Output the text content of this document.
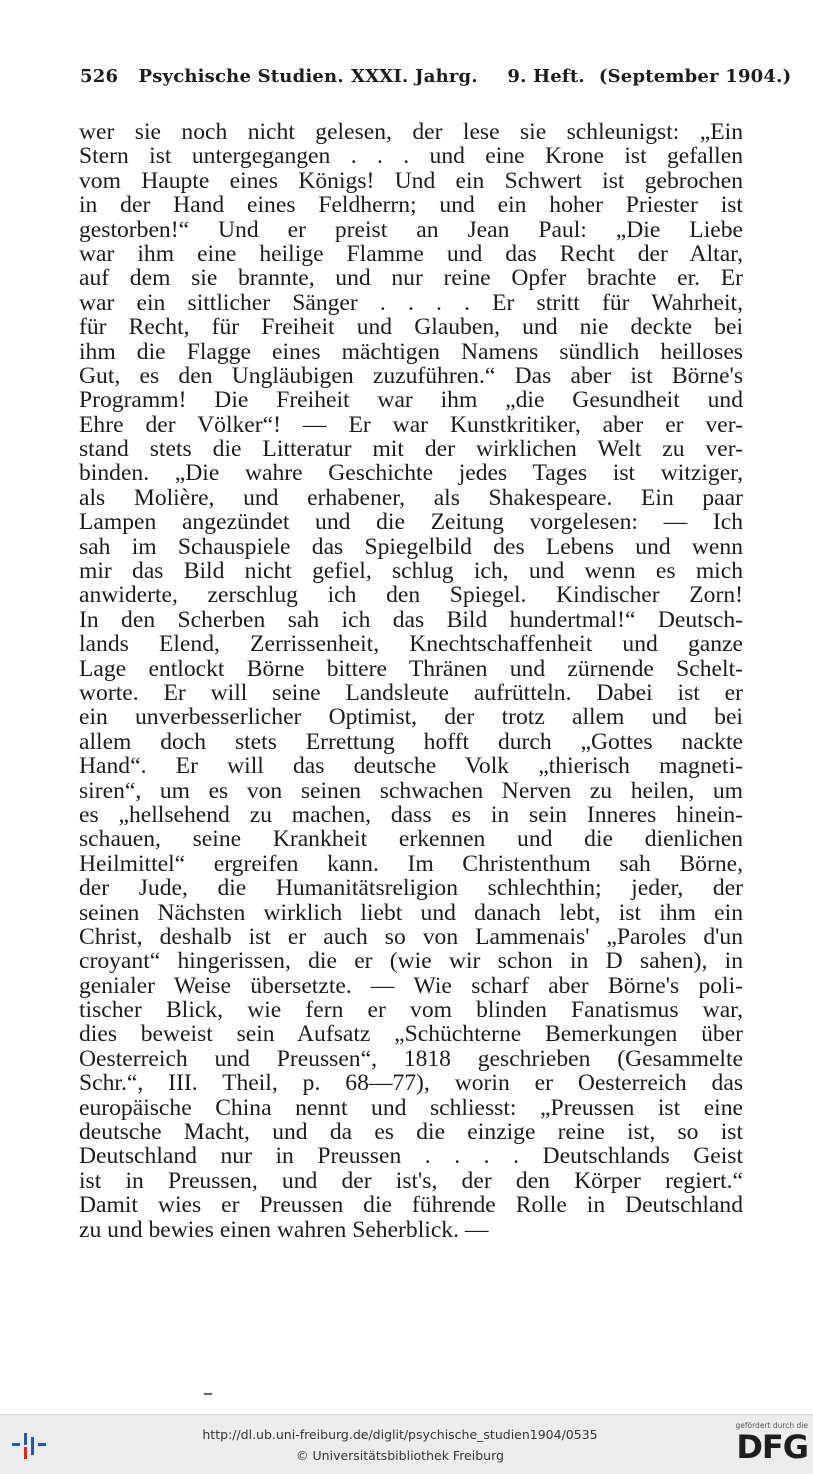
526 Psychische Studien. XXXI. Jahrg. 9. Heft. (September 1904.)
wer sie noch nicht gelesen, der lese sie schleunigst: „Ein
Stern ist untergegangen . . . und eine Krone ist gefallen
vom Haupte eines Königs! Und ein Schwert ist gebrochen
in der Hand eines Feldherrn; und ein hoher Priester ist
gestorben!“ Und er preist an Jean Paul: „Die Liebe
war ihm eine heilige Flamme und das Recht der Altar,
auf dem sie brannte, und nur reine Opfer brachte er. Er
war ein sittlicher Sänger . . . . Er stritt für Wahrheit,
für Recht, für Freiheit und Glauben, und nie deckte bei
ihm die Flagge eines mächtigen Namens sündlich heilloses
Gut, es den Ungläubigen zuzuführen.“ Das aber ist Börne's
Programm! Die Freiheit war ihm „die Gesundheit und
Ehre der Völker“! — Er war Kunstkritiker, aber er ver-
stand stets die Litteratur mit der wirklichen Welt zu ver-
binden. „Die wahre Geschichte jedes Tages ist witziger,
als Molière, und erhabener, als Shakespeare. Ein paar
Lampen angezündet und die Zeitung vorgelesen: — Ich
sah im Schauspiele das Spiegelbild des Lebens und wenn
mir das Bild nicht gefiel, schlug ich, und wenn es mich
anwiderte, zerschlug ich den Spiegel. Kindischer Zorn!
In den Scherben sah ich das Bild hundertmal!“ Deutsch-
lands Elend, Zerrissenheit, Knechtschaffenheit und ganze
Lage entlockt Börne bittere Thränen und zürnende Schelt-
worte. Er will seine Landsleute aufrütteln. Dabei ist er
ein unverbesserlicher Optimist, der trotz allem und bei
allem doch stets Errettung hofft durch „Gottes nackte
Hand“. Er will das deutsche Volk „thierisch magneti-
siren“, um es von seinen schwachen Nerven zu heilen, um
es „hellsehend zu machen, dass es in sein Inneres hinein-
schauen, seine Krankheit erkennen und die dienlichen
Heilmittel“ ergreifen kann. Im Christenthum sah Börne,
der Jude, die Humanitätsreligion schlechthin; jeder, der
seinen Nächsten wirklich liebt und danach lebt, ist ihm ein
Christ, deshalb ist er auch so von Lammenais' „Paroles d'un
croyant“ hingerissen, die er (wie wir schon in D sahen), in
genialer Weise übersetzte. — Wie scharf aber Börne's poli-
tischer Blick, wie fern er vom blinden Fanatismus war,
dies beweist sein Aufsatz „Schüchterne Bemerkungen über
Oesterreich und Preussen“, 1818 geschrieben (Gesammelte
Schr.“, III. Theil, p. 68—77), worin er Oesterreich das
europäische China nennt und schliesst: „Preussen ist eine
deutsche Macht, und da es die einzige reine ist, so ist
Deutschland nur in Preussen . . . . Deutschlands Geist
ist in Preussen, und der ist's, der den Körper regiert.“
Damit wies er Preussen die führende Rolle in Deutschland
zu und bewies einen wahren Seherblick. —
http://dl.ub.uni-freiburg.de/diglit/psychische_studien1904/0535
© Universitätsbibliothek Freiburg
gefördert durch die
DFG
